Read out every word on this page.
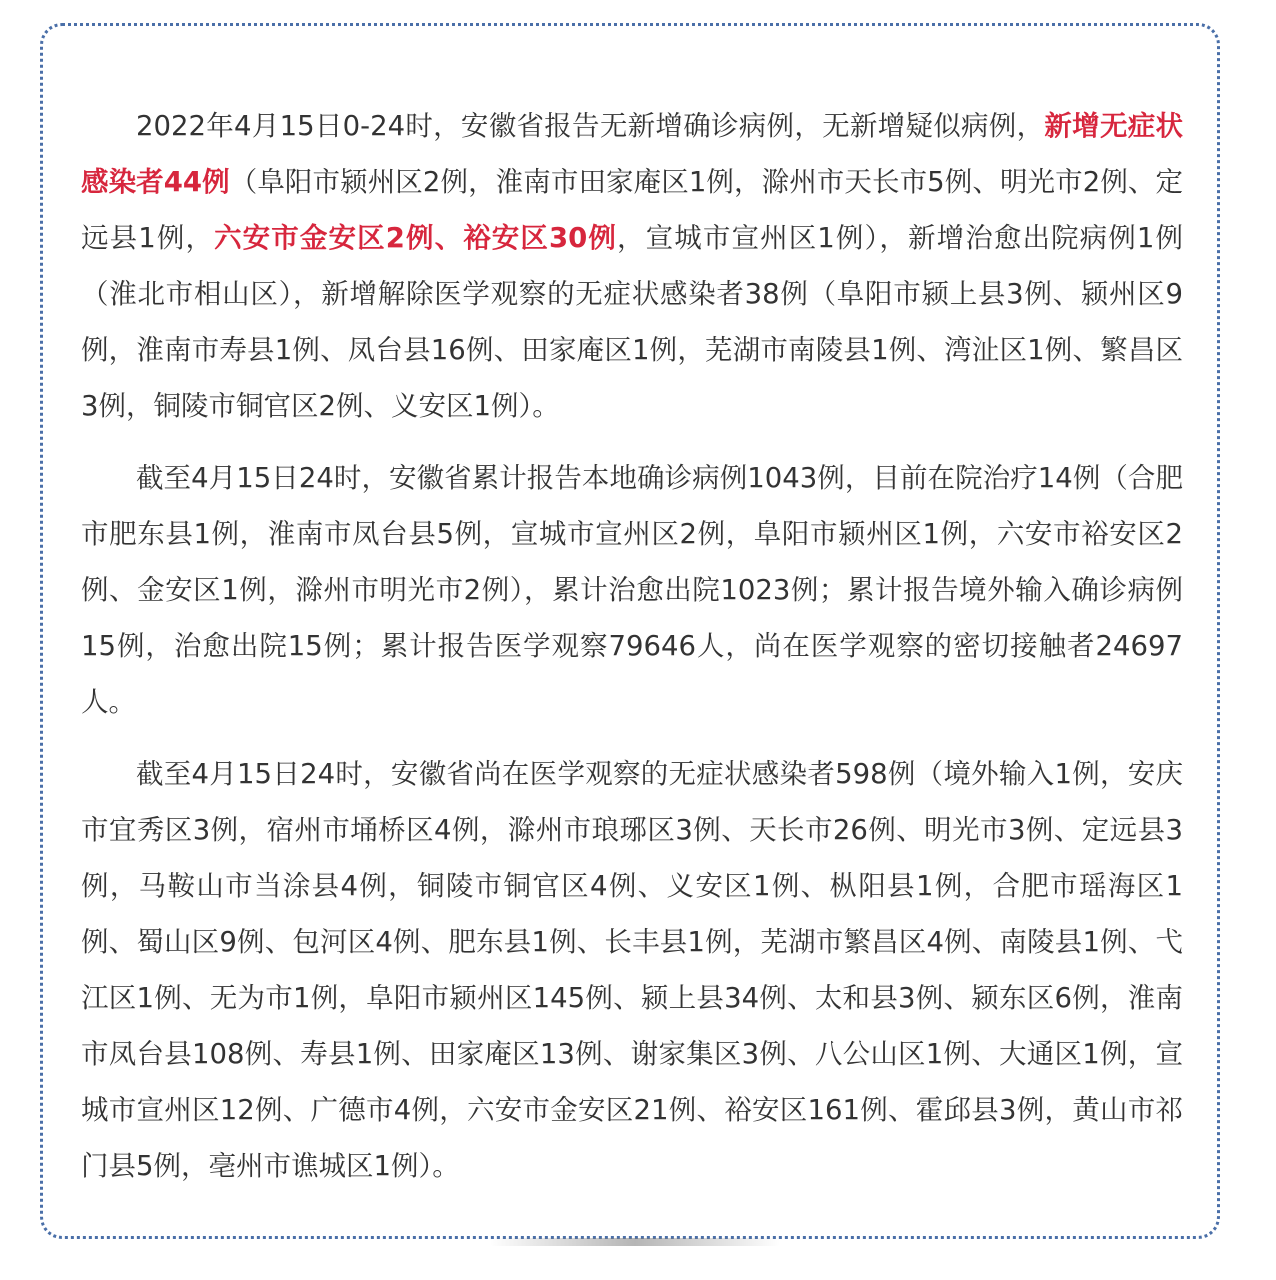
2022年4月15日0-24时，安徽省报告无新增确诊病例，无新增疑似病例，新增无症状感染者44例（阜阳市颍州区2例，淮南市田家庵区1例，滁州市天长市5例、明光市2例、定远县1例，六安市金安区2例、裕安区30例，宣城市宣州区1例），新增治愈出院病例1例（淮北市相山区），新增解除医学观察的无症状感染者38例（阜阳市颍上县3例、颍州区9例，淮南市寿县1例、凤台县16例、田家庵区1例，芜湖市南陵县1例、湾沚区1例、繁昌区3例，铜陵市铜官区2例、义安区1例）。

截至4月15日24时，安徽省累计报告本地确诊病例1043例，目前在院治疗14例（合肥市肥东县1例，淮南市凤台县5例，宣城市宣州区2例，阜阳市颍州区1例，六安市裕安区2例、金安区1例，滁州市明光市2例），累计治愈出院1023例；累计报告境外输入确诊病例15例，治愈出院15例；累计报告医学观察79646人，尚在医学观察的密切接触者24697人。

截至4月15日24时，安徽省尚在医学观察的无症状感染者598例（境外输入1例，安庆市宜秀区3例，宿州市埇桥区4例，滁州市琅琊区3例、天长市26例、明光市3例、定远县3例，马鞍山市当涂县4例，铜陵市铜官区4例、义安区1例、枞阳县1例，合肥市瑶海区1例、蜀山区9例、包河区4例、肥东县1例、长丰县1例，芜湖市繁昌区4例、南陵县1例、弋江区1例、无为市1例，阜阳市颍州区145例、颍上县34例、太和县3例、颍东区6例，淮南市凤台县108例、寿县1例、田家庵区13例、谢家集区3例、八公山区1例、大通区1例，宣城市宣州区12例、广德市4例，六安市金安区21例、裕安区161例、霍邱县3例，黄山市祁门县5例，亳州市谯城区1例）。
